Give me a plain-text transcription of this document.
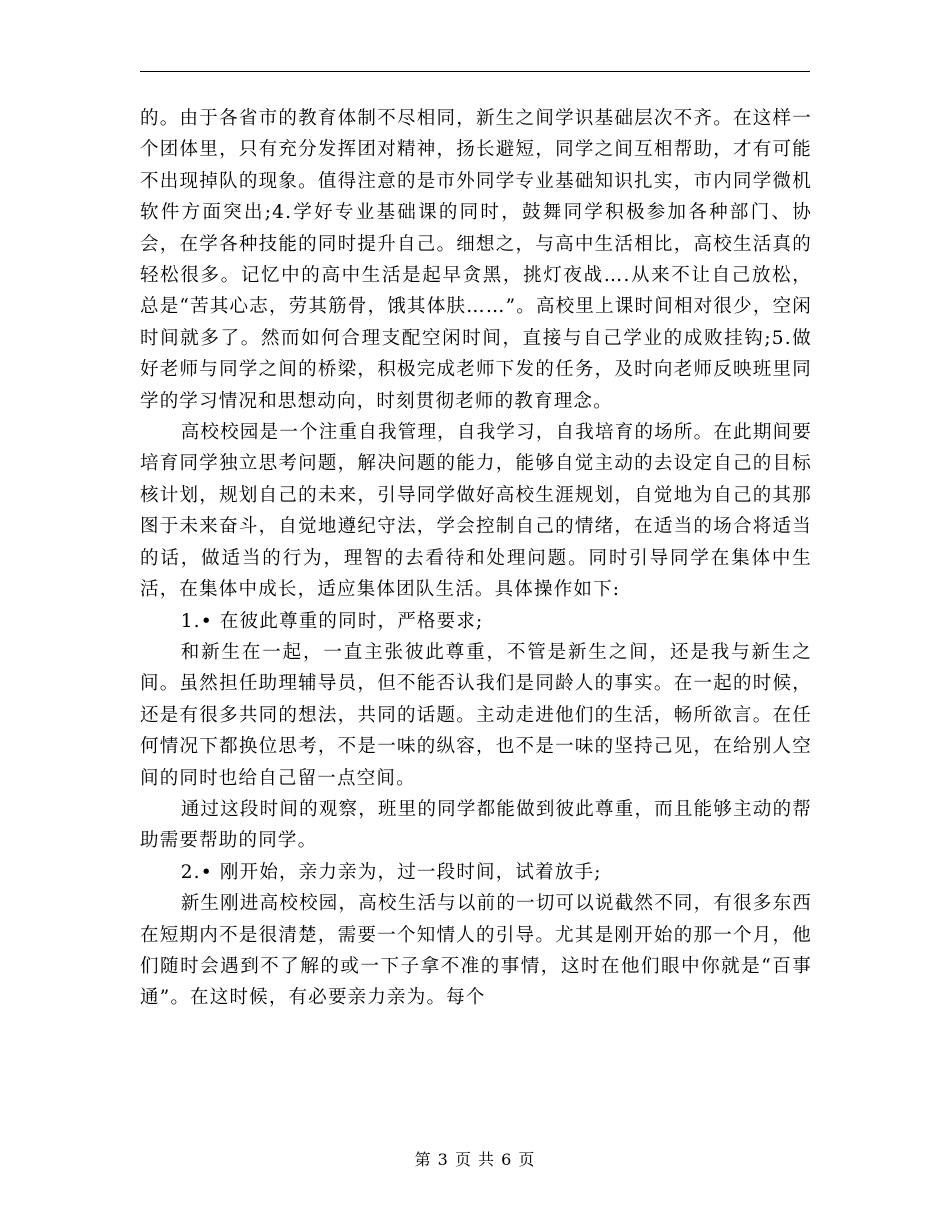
的。由于各省市的教育体制不尽相同，新生之间学识基础层次不齐。在这样一个团体里，只有充分发挥团对精神，扬长避短，同学之间互相帮助，才有可能不出现掉队的现象。值得注意的是市外同学专业基础知识扎实，市内同学微机软件方面突出;4.学好专业基础课的同时，鼓舞同学积极参加各种部门、协会，在学各种技能的同时提升自己。细想之，与高中生活相比，高校生活真的轻松很多。记忆中的高中生活是起早贪黑，挑灯夜战….从来不让自己放松，总是“苦其心志，劳其筋骨，饿其体肤……”。高校里上课时间相对很少，空闲时间就多了。然而如何合理支配空闲时间，直接与自己学业的成败挂钩;5.做好老师与同学之间的桥梁，积极完成老师下发的任务，及时向老师反映班里同学的学习情况和思想动向，时刻贯彻老师的教育理念。

高校校园是一个注重自我管理，自我学习，自我培育的场所。在此期间要培育同学独立思考问题，解决问题的能力，能够自觉主动的去设定自己的目标核计划，规划自己的未来，引导同学做好高校生涯规划，自觉地为自己的其那图于未来奋斗，自觉地遵纪守法，学会控制自己的情绪，在适当的场合将适当的话，做适当的行为，理智的去看待和处理问题。同时引导同学在集体中生活，在集体中成长，适应集体团队生活。具体操作如下:

1.• 在彼此尊重的同时，严格要求;

和新生在一起，一直主张彼此尊重，不管是新生之间，还是我与新生之间。虽然担任助理辅导员，但不能否认我们是同龄人的事实。在一起的时候，还是有很多共同的想法，共同的话题。主动走进他们的生活，畅所欲言。在任何情况下都换位思考，不是一味的纵容，也不是一味的坚持己见，在给别人空间的同时也给自己留一点空间。

通过这段时间的观察，班里的同学都能做到彼此尊重，而且能够主动的帮助需要帮助的同学。

2.• 刚开始，亲力亲为，过一段时间，试着放手;

新生刚进高校校园，高校生活与以前的一切可以说截然不同，有很多东西在短期内不是很清楚，需要一个知情人的引导。尤其是刚开始的那一个月，他们随时会遇到不了解的或一下子拿不准的事情，这时在他们眼中你就是“百事通”。在这时候，有必要亲力亲为。每个

第 3 页 共 6 页
